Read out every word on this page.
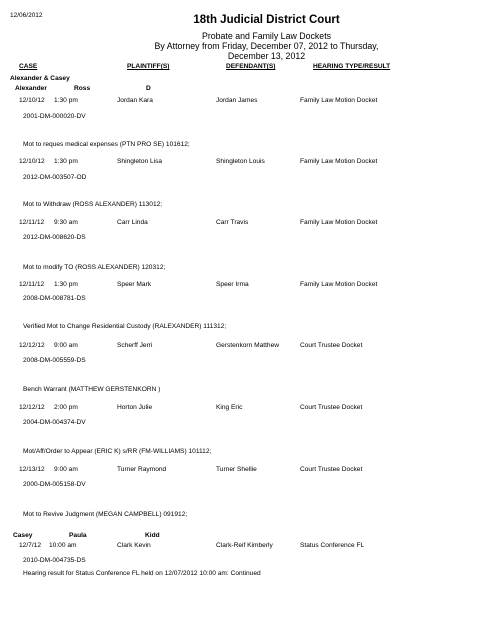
12/06/2012	18th Judicial District Court
Probate and Family Law Dockets
By Attorney from Friday, December 07, 2012 to Thursday,
December 13, 2012
CASE	PLAINTIFF(S)	DEFENDANT(S)	HEARING TYPE/RESULT
Alexander & Casey
Alexander	Ross	D
Casey	Paula	Kidd
12/10/12 1:30 pm	Jordan Kara	Jordan James	Family Law Motion Docket
2001-DM-000020-DV
Mot to reques medical expenses (PTN PRO SE) 101612;
12/10/12 1:30 pm	Shingleton Lisa	Shingleton Louis	Family Law Motion Docket
2012-DM-003507-OD
Mot to Withdraw (ROSS ALEXANDER) 113012;
12/11/12 9:30 am	Carr Linda	Carr Travis	Family Law Motion Docket
2012-DM-008620-DS
Mot to modify TO (ROSS ALEXANDER) 120312;
12/11/12 1:30 pm	Speer Mark	Speer Irma	Family Law Motion Docket
2008-DM-008781-DS
Verified Mot to Change Residential Custody (RALEXANDER) 111312;
12/12/12 9:00 am	Scherff Jerri	Gerstenkorn Matthew	Court Trustee Docket
2008-DM-005559-DS
Bench Warrant (MATTHEW GERSTENKORN )
12/12/12 2:00 pm	Horton Julie	King Eric	Court Trustee Docket
2004-DM-004374-DV
Mot/Aff/Order to Appear (ERIC K) s/RR (FM-WILLIAMS) 101112;
12/13/12 9:00 am	Turner Raymond	Turner Shellie	Court Trustee Docket
2000-DM-005158-DV
Mot to Revive Judgment (MEGAN CAMPBELL) 091912;
12/7/12 10:00 am	Clark Kevin	Clark-Reif Kimberly	Status Conference FL
2010-DM-004735-DS
Hearing result for Status Conference FL held on 12/07/2012 10:00 am: Continued
